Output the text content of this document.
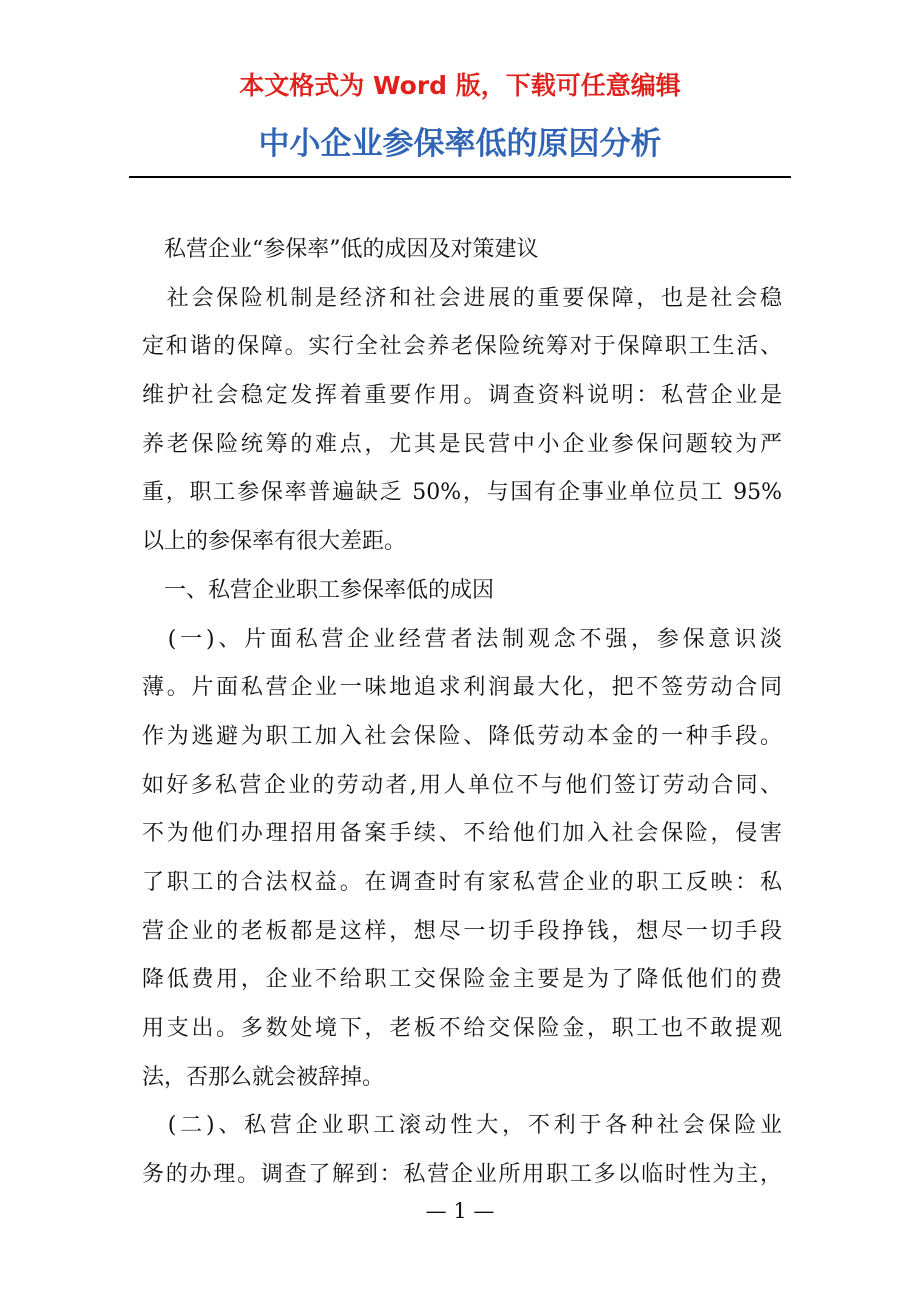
本文格式为 Word 版，下载可任意编辑
中小企业参保率低的原因分析
　私营企业“参保率”低的成因及对策建议
　社会保险机制是经济和社会进展的重要保障，也是社会稳
定和谐的保障。实行全社会养老保险统筹对于保障职工生活、
维护社会稳定发挥着重要作用。调查资料说明：私营企业是
养老保险统筹的难点，尤其是民营中小企业参保问题较为严
重，职工参保率普遍缺乏 50%，与国有企事业单位员工 95%
以上的参保率有很大差距。
　一、私营企业职工参保率低的成因
　(一)、片面私营企业经营者法制观念不强，参保意识淡
薄。片面私营企业一味地追求利润最大化，把不签劳动合同
作为逃避为职工加入社会保险、降低劳动本金的一种手段。
如好多私营企业的劳动者,用人单位不与他们签订劳动合同、
不为他们办理招用备案手续、不给他们加入社会保险，侵害
了职工的合法权益。在调查时有家私营企业的职工反映：私
营企业的老板都是这样，想尽一切手段挣钱，想尽一切手段
降低费用，企业不给职工交保险金主要是为了降低他们的费
用支出。多数处境下，老板不给交保险金，职工也不敢提观
法，否那么就会被辞掉。
　(二)、私营企业职工滚动性大，不利于各种社会保险业
务的办理。调查了解到：私营企业所用职工多以临时性为主，
— 1 —
